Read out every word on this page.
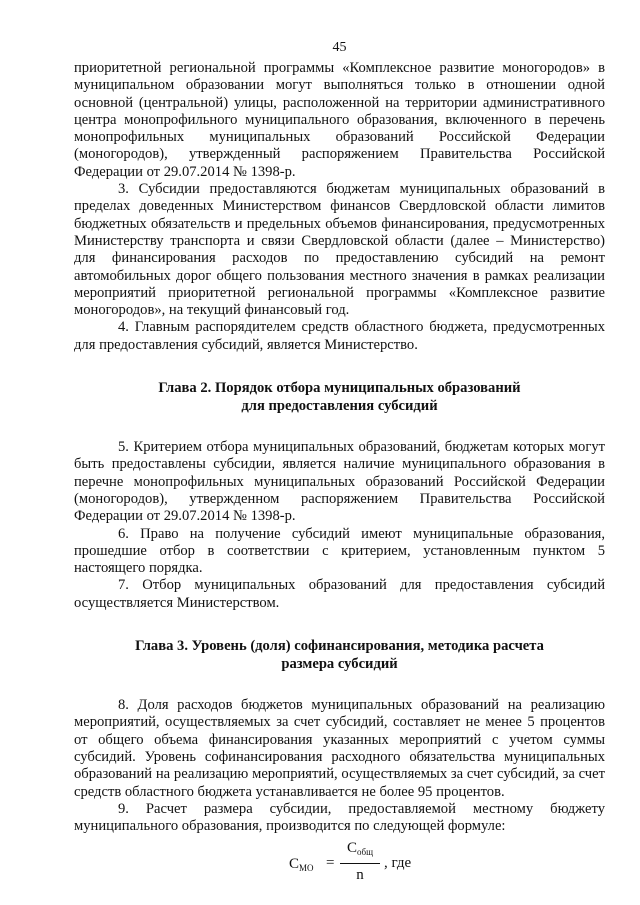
45

приоритетной региональной программы «Комплексное развитие моногородов» в муниципальном образовании могут выполняться только в отношении одной основной (центральной) улицы, расположенной на территории административного центра монопрофильного муниципального образования, включенного в перечень монопрофильных муниципальных образований Российской Федерации (моногородов), утвержденный распоряжением Правительства Российской Федерации от 29.07.2014 № 1398-р.

3. Субсидии предоставляются бюджетам муниципальных образований в пределах доведенных Министерством финансов Свердловской области лимитов бюджетных обязательств и предельных объемов финансирования, предусмотренных Министерству транспорта и связи Свердловской области (далее – Министерство) для финансирования расходов по предоставлению субсидий на ремонт автомобильных дорог общего пользования местного значения в рамках реализации мероприятий приоритетной региональной программы «Комплексное развитие моногородов», на текущий финансовый год.

4. Главным распорядителем средств областного бюджета, предусмотренных для предоставления субсидий, является Министерство.

Глава 2. Порядок отбора муниципальных образований
для предоставления субсидий

5. Критерием отбора муниципальных образований, бюджетам которых могут быть предоставлены субсидии, является наличие муниципального образования в перечне монопрофильных муниципальных образований Российской Федерации (моногородов), утвержденном распоряжением Правительства Российской Федерации от 29.07.2014 № 1398-р.

6. Право на получение субсидий имеют муниципальные образования, прошедшие отбор в соответствии с критерием, установленным пунктом 5 настоящего порядка.

7. Отбор муниципальных образований для предоставления субсидий осуществляется Министерством.

Глава 3. Уровень (доля) софинансирования, методика расчета
размера субсидий

8. Доля расходов бюджетов муниципальных образований на реализацию мероприятий, осуществляемых за счет субсидий, составляет не менее 5 процентов от общего объема финансирования указанных мероприятий с учетом суммы субсидий. Уровень софинансирования расходного обязательства муниципальных образований на реализацию мероприятий, осуществляемых за счет субсидий, за счет средств областного бюджета устанавливается не более 95 процентов.

9. Расчет размера субсидии, предоставляемой местному бюджету муниципального образования, производится по следующей формуле:

$C_{МО}$ =
$C_{общ}$
n
, где
